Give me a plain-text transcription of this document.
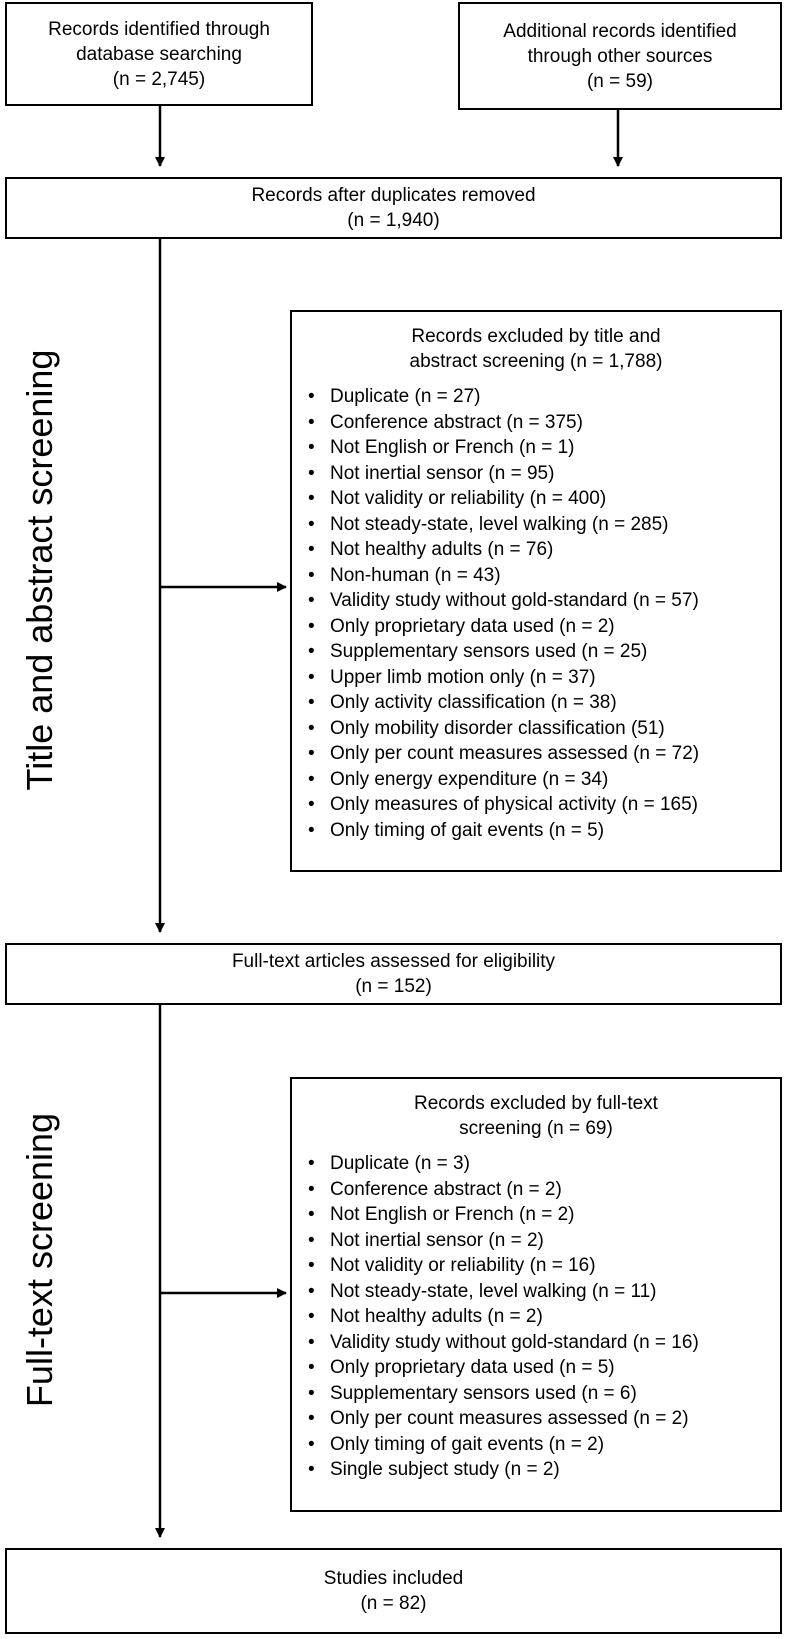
Records identified through
database searching
(n = 2,745)
Additional records identified
through other sources
(n = 59)
Records after duplicates removed
(n = 1,940)
Title and abstract screening
Records excluded by title and
abstract screening (n = 1,788)
• Duplicate (n = 27)
• Conference abstract (n = 375)
• Not English or French (n = 1)
• Not inertial sensor (n = 95)
• Not validity or reliability (n = 400)
• Not steady-state, level walking (n = 285)
• Not healthy adults (n = 76)
• Non-human (n = 43)
• Validity study without gold-standard (n = 57)
• Only proprietary data used (n = 2)
• Supplementary sensors used (n = 25)
• Upper limb motion only (n = 37)
• Only activity classification (n = 38)
• Only mobility disorder classification (51)
• Only per count measures assessed (n = 72)
• Only energy expenditure (n = 34)
• Only measures of physical activity (n = 165)
• Only timing of gait events (n = 5)
Full-text articles assessed for eligibility
(n = 152)
Full-text screening
Records excluded by full-text
screening (n = 69)
• Duplicate (n = 3)
• Conference abstract (n = 2)
• Not English or French (n = 2)
• Not inertial sensor (n = 2)
• Not validity or reliability (n = 16)
• Not steady-state, level walking (n = 11)
• Not healthy adults (n = 2)
• Validity study without gold-standard (n = 16)
• Only proprietary data used (n = 5)
• Supplementary sensors used (n = 6)
• Only per count measures assessed (n = 2)
• Only timing of gait events (n = 2)
• Single subject study (n = 2)
Studies included
(n = 82)
